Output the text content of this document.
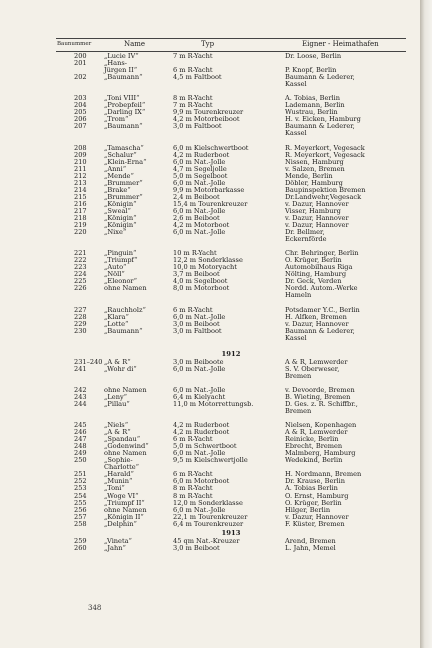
Baunummer	Name	Typ	Eigner - Heimathafen
200	„Lucie IV“	7 m R-Yacht	Dr. Loose, Berlin
201	„Hans-
Jürgen II“	6 m R-Yacht	P. Knopf, Berlin
202	„Baumann“	4,5 m Faltboot	Baumann & Lederer,
Kassel
203	„Toni VIII“	8 m R-Yacht	A. Tobias, Berlin
204	„Probepfeil“	7 m R-Yacht	Lademann, Berlin
205	„Darling IX“	9,9 m Tourenkreuzer	Wustrau, Berlin
206	„Trom“	4,2 m Motorbeiboot	H. v. Eicken, Hamburg
207	„Baumann“	3,0 m Faltboot	Baumann & Lederer,
Kassel
208	„Tamascha“	6,0 m Kielschwertboot	R. Meyerkort, Vegesack
209	„Schalur“	4,2 m Ruderboot	R. Meyerkort, Vegesack
210	„Klein-Erna“	6,0 m Nat.-Jolle	Nissen, Hamburg
211	„Anni“	4,7 m Segeljolle	v. Salzen, Bremen
212	„Mende“	5,0 m Segelboot	Mende, Berlin
213	„Brummer“	6,0 m Nat.-Jolle	Döbler, Hamburg
214	„Brake“	9,9 m Motorbarkasse	Baupinspektion Bremen
215	„Brummer“	2,4 m Beiboot	Dr.Landwehr,Vegesack
216	„Königin“	15,4 m Tourenkreuzer	v. Dazur, Hannover
217	„Sweal“	6,0 m Nat.-Jolle	Visser, Hamburg
218	„Königin“	2,6 m Beiboot	v. Dazur, Hannover
219	„Königin“	4,2 m Motorboot	v. Dazur, Hannover
220	„Nixe“	6,0 m Nat.-Jolle	Dr. Bellmer,
Eckernförde
221	„Pinguin“	10 m R-Yacht	Chr. Behringer, Berlin
222	„Triumpf“	12,2 m Sonderklasse	O. Krüger, Berlin
223	„Auto“	10,0 m Motoryacht	Automobilhaus Riga
224	„Nöll“	3,7 m Beiboot	Nölting, Hamburg
225	„Eleonor“	4,0 m Segelboot	Dr. Geck, Verden
226	ohne Namen	8,0 m Motorboot	Nordd. Autom.-Werke
Hameln
227	„Rauchholz“	6 m R-Yacht	Potsdamer Y.C., Berlin
228	„Klara“	6,0 m Nat.-Jolle	H. Alfken, Bremen
229	„Lotte“	3,0 m Beiboot	v. Dazur, Hannover
230	„Baumann“	3,0 m Faltboot	Baumann & Lederer,
Kassel
1912
231–240 „A & R“	3,0 m Beiboote	A & R, Lemwerder
241	„Wohr di“	6,0 m Nat.-Jolle	S. V. Oberweser,
Bremen
242	ohne Namen	6,0 m Nat.-Jolle	v. Devoorde, Bremen
243	„Leny“	6,4 m Kielyacht	B. Wieting, Bremen
244	„Pillau“	11,0 m Motorrettungsb.	D. Ges. z. R. Schiffbr.,
Bremen
245	„Niels“	4,2 m Ruderboot	Nielsen, Kopenhagen
246	„A & R“	4,2 m Ruderboot	A & R, Lemwerder
247	„Spandau“	6 m R-Yacht	Reinicke, Berlin
248	„Godenwind“	5,0 m Schwertboot	Ebrecht, Bremen
249	ohne Namen	6,0 m Nat.-Jolle	Malmberg, Hamburg
250	„Sophie-	9,5 m Kielschwertjolle	Wedekind, Berlin
Charlotte“
251	„Harald“	6 m R-Yacht	H. Nordmann, Bremen
252	„Munin“	6,0 m Motorboot	Dr. Krause, Berlin
253	„Toni“	8 m R-Yacht	A. Tobias Berlin
254	„Woge VI“	8 m R-Yacht	O. Ernst, Hamburg
255	„Triumpf II“	12,0 m Sonderklasse	O. Krüger, Berlin
256	ohne Namen	6,0 m Nat.-Jolle	Hilger, Berlin
257	„Königin II“	22,1 m Tourenkreuzer	v. Dazur, Hannover
258	„Delphin“	6,4 m Tourenkreuzer	F. Küster, Bremen
1913
259	„Vineta“	45 qm Nat.-Kreuzer	Arend, Bremen
260	„Jahn“	3,0 m Beiboot	L. Jahn, Memel
348
